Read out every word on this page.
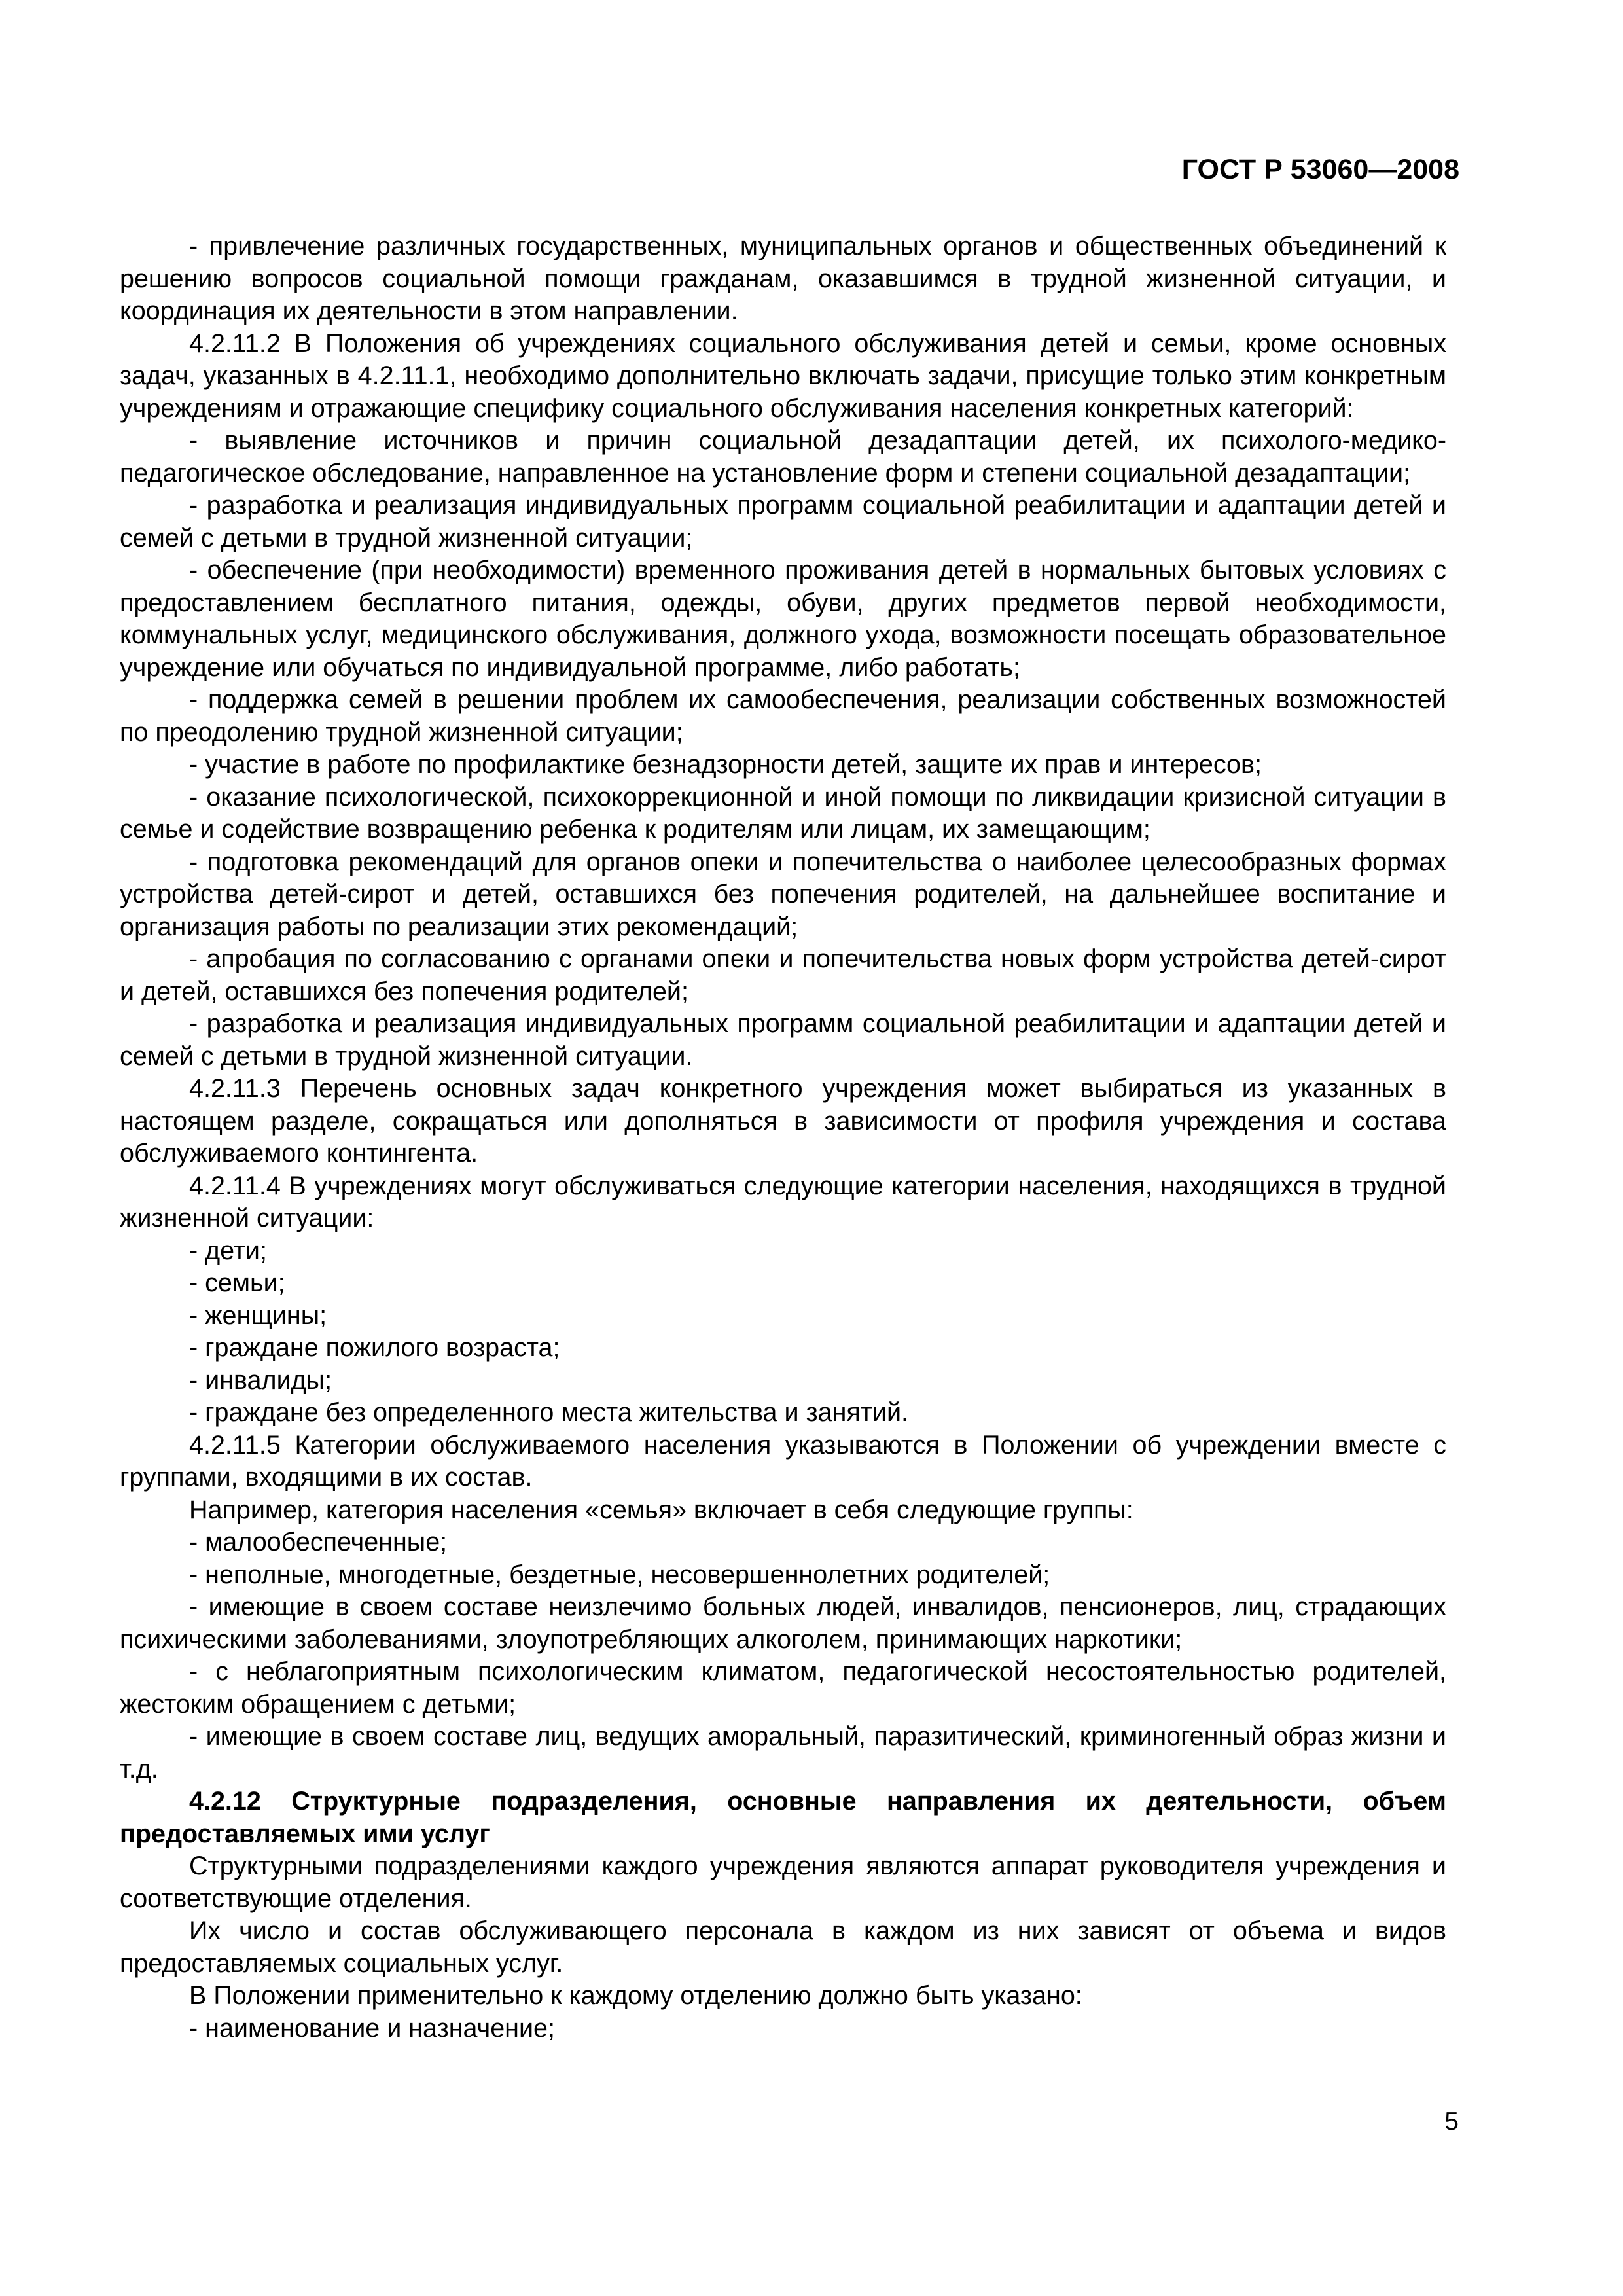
ГОСТ Р 53060—2008

- привлечение различных государственных, муниципальных органов и общественных объединений к решению вопросов социальной помощи гражданам, оказавшимся в трудной жизненной ситуации, и координация их деятельности в этом направлении.

4.2.11.2 В Положения об учреждениях социального обслуживания детей и семьи, кроме основных задач, указанных в 4.2.11.1, необходимо дополнительно включать задачи, присущие только этим конкретным учреждениям и отражающие специфику социального обслуживания населения конкретных категорий:

- выявление источников и причин социальной дезадаптации детей, их психолого-медико-педагогическое обследование, направленное на установление форм и степени социальной дезадаптации;

- разработка и реализация индивидуальных программ социальной реабилитации и адаптации детей и семей с детьми в трудной жизненной ситуации;

- обеспечение (при необходимости) временного проживания детей в нормальных бытовых условиях с предоставлением бесплатного питания, одежды, обуви, других предметов первой необходимости, коммунальных услуг, медицинского обслуживания, должного ухода, возможности посещать образовательное учреждение или обучаться по индивидуальной программе, либо работать;

- поддержка семей в решении проблем их самообеспечения, реализации собственных возможностей по преодолению трудной жизненной ситуации;

- участие в работе по профилактике безнадзорности детей, защите их прав и интересов;

- оказание психологической, психокоррекционной и иной помощи по ликвидации кризисной ситуации в семье и содействие возвращению ребенка к родителям или лицам, их замещающим;

- подготовка рекомендаций для органов опеки и попечительства о наиболее целесообразных формах устройства детей-сирот и детей, оставшихся без попечения родителей, на дальнейшее воспитание и организация работы по реализации этих рекомендаций;

- апробация по согласованию с органами опеки и попечительства новых форм устройства детей-сирот и детей, оставшихся без попечения родителей;

- разработка и реализация индивидуальных программ социальной реабилитации и адаптации детей и семей с детьми в трудной жизненной ситуации.

4.2.11.3 Перечень основных задач конкретного учреждения может выбираться из указанных в настоящем разделе, сокращаться или дополняться в зависимости от профиля учреждения и состава обслуживаемого контингента.

4.2.11.4 В учреждениях могут обслуживаться следующие категории населения, находящихся в трудной жизненной ситуации:

- дети;

- семьи;

- женщины;

- граждане пожилого возраста;

- инвалиды;

- граждане без определенного места жительства и занятий.

4.2.11.5 Категории обслуживаемого населения указываются в Положении об учреждении вместе с группами, входящими в их состав.

Например, категория населения «семья» включает в себя следующие группы:

- малообеспеченные;

- неполные, многодетные, бездетные, несовершеннолетних родителей;

- имеющие в своем составе неизлечимо больных людей, инвалидов, пенсионеров, лиц, страдающих психическими заболеваниями, злоупотребляющих алкоголем, принимающих наркотики;

- с неблагоприятным психологическим климатом, педагогической несостоятельностью родителей, жестоким обращением с детьми;

- имеющие в своем составе лиц, ведущих аморальный, паразитический, криминогенный образ жизни и т.д.

4.2.12 Структурные подразделения, основные направления их деятельности, объем предоставляемых ими услуг

Структурными подразделениями каждого учреждения являются аппарат руководителя учреждения и соответствующие отделения.

Их число и состав обслуживающего персонала в каждом из них зависят от объема и видов предоставляемых социальных услуг.

В Положении применительно к каждому отделению должно быть указано:

- наименование и назначение;

5
